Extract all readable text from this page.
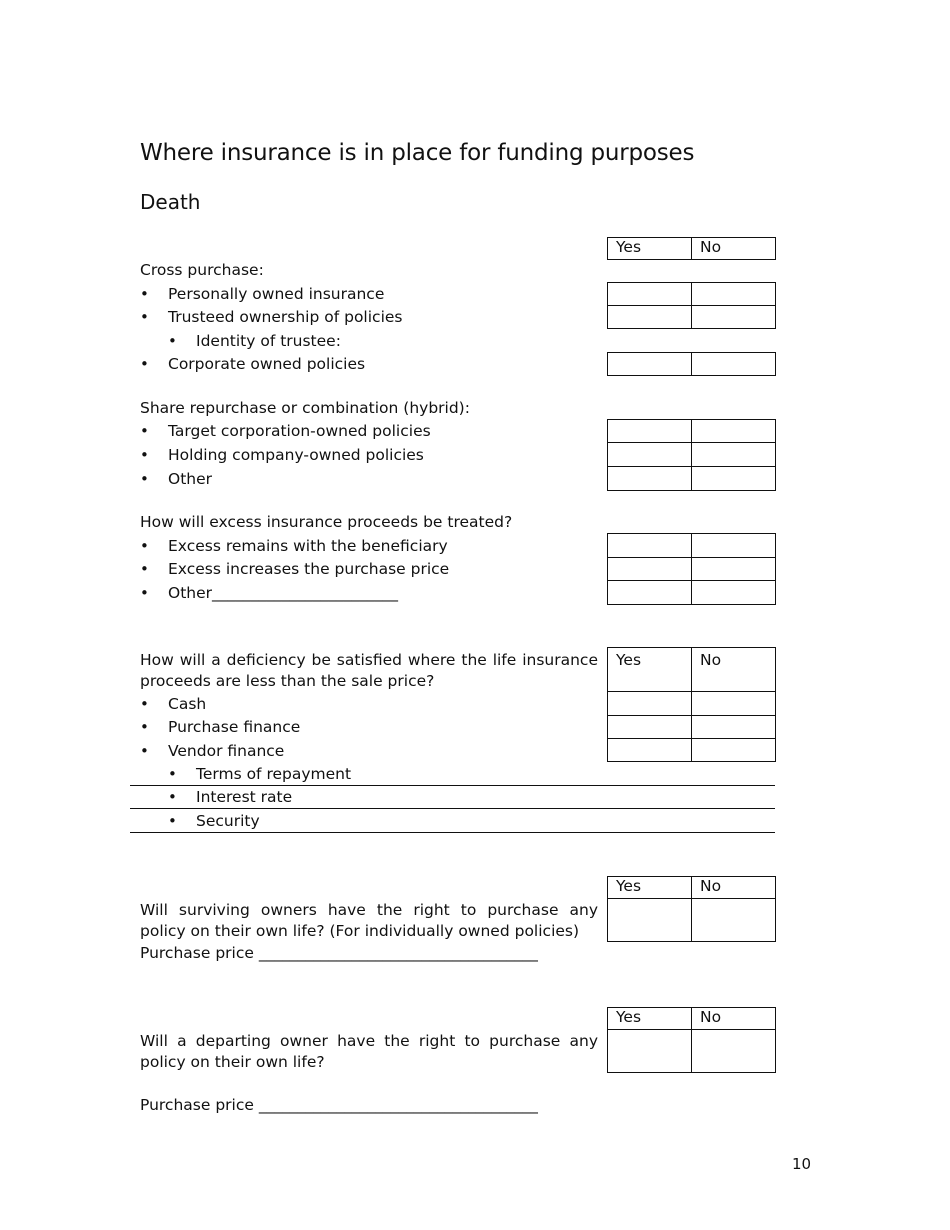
Where insurance is in place for funding purposes
Death
Yes	No
Cross purchase:
• Personally owned insurance
• Trusteed ownership of policies
• Identity of trustee:
• Corporate owned policies
Share repurchase or combination (hybrid):
• Target corporation-owned policies
• Holding company-owned policies
• Other
How will excess insurance proceeds be treated?
• Excess remains with the beneficiary
• Excess increases the purchase price
• Other________________________
How will a deficiency be satisfied where the life insurance proceeds are less than the sale price?
Yes	No
• Cash
• Purchase finance
• Vendor finance
• Terms of repayment
• Interest rate
• Security
Yes	No
Will surviving owners have the right to purchase any policy on their own life? (For individually owned policies)
Purchase price ____________________________________
Yes	No
Will a departing owner have the right to purchase any policy on their own life?
Purchase price ____________________________________
10
